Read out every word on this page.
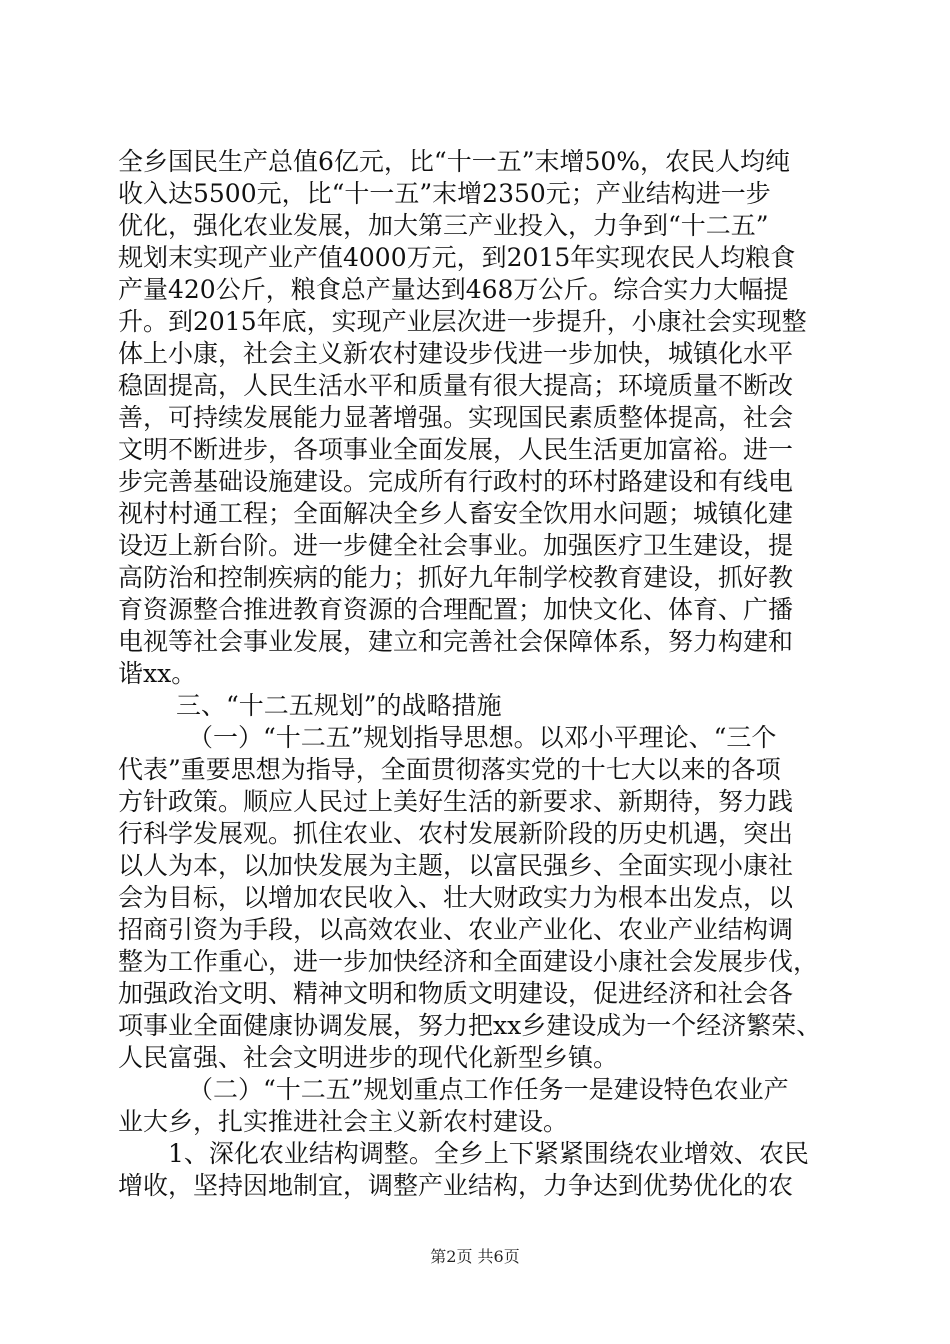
全乡国民生产总值6亿元，比“十一五”末增50%，农民人均纯
收入达5500元，比“十一五”末增2350元；产业结构进一步
优化，强化农业发展，加大第三产业投入，力争到“十二五”
规划末实现产业产值4000万元，到2015年实现农民人均粮食
产量420公斤，粮食总产量达到468万公斤。综合实力大幅提
升。到2015年底，实现产业层次进一步提升，小康社会实现整
体上小康，社会主义新农村建设步伐进一步加快，城镇化水平
稳固提高，人民生活水平和质量有很大提高；环境质量不断改
善，可持续发展能力显著增强。实现国民素质整体提高，社会
文明不断进步，各项事业全面发展，人民生活更加富裕。进一
步完善基础设施建设。完成所有行政村的环村路建设和有线电
视村村通工程；全面解决全乡人畜安全饮用水问题；城镇化建
设迈上新台阶。进一步健全社会事业。加强医疗卫生建设，提
高防治和控制疾病的能力；抓好九年制学校教育建设，抓好教
育资源整合推进教育资源的合理配置；加快文化、体育、广播
电视等社会事业发展，建立和完善社会保障体系，努力构建和
谐xx。
三、“十二五规划”的战略措施
（一）“十二五”规划指导思想。以邓小平理论、“三个
代表”重要思想为指导，全面贯彻落实党的十七大以来的各项
方针政策。顺应人民过上美好生活的新要求、新期待，努力践
行科学发展观。抓住农业、农村发展新阶段的历史机遇，突出
以人为本，以加快发展为主题，以富民强乡、全面实现小康社
会为目标，以增加农民收入、壮大财政实力为根本出发点，以
招商引资为手段，以高效农业、农业产业化、农业产业结构调
整为工作重心，进一步加快经济和全面建设小康社会发展步伐，
加强政治文明、精神文明和物质文明建设，促进经济和社会各
项事业全面健康协调发展，努力把xx乡建设成为一个经济繁荣、
人民富强、社会文明进步的现代化新型乡镇。
（二）“十二五”规划重点工作任务一是建设特色农业产
业大乡，扎实推进社会主义新农村建设。
1、深化农业结构调整。全乡上下紧紧围绕农业增效、农民
增收，坚持因地制宜，调整产业结构，力争达到优势优化的农
第2页 共6页
